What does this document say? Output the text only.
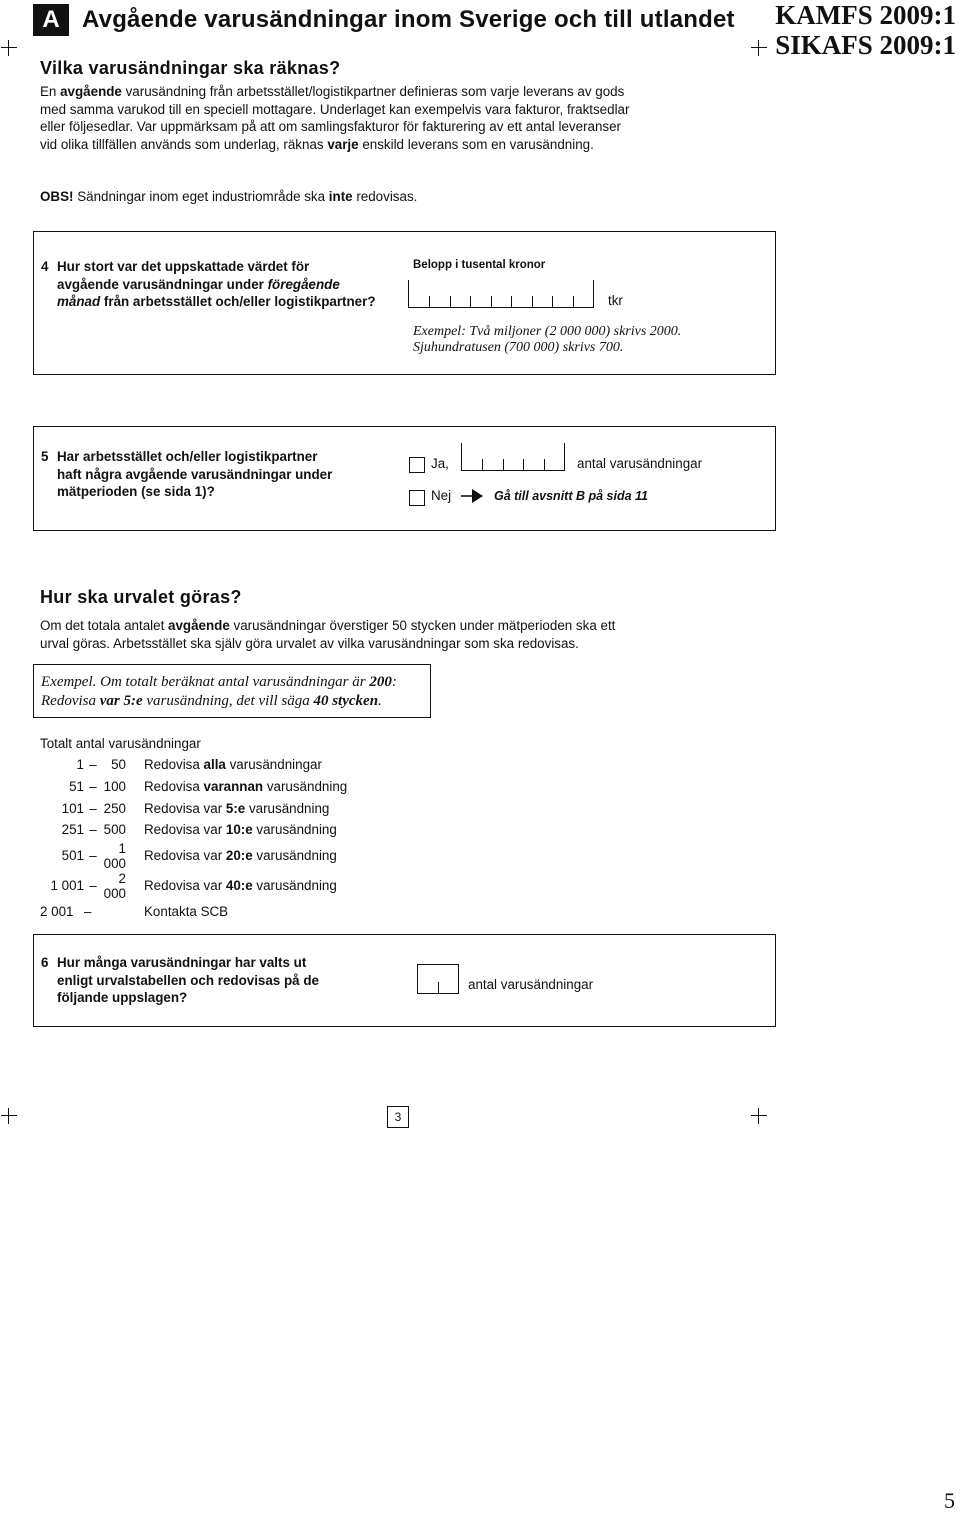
A Avgående varusändningar inom Sverige och till utlandet KAMFS 2009:1
SIKAFS 2009:1
Vilka varusändningar ska räknas?
En avgående varusändning från arbetsstället/logistikpartner definieras som varje leverans av gods med samma varukod till en speciell mottagare. Underlaget kan exempelvis vara fakturor, fraktsedlar eller följesedlar. Var uppmärksam på att om samlingsfakturor för fakturering av ett antal leveranser vid olika tillfällen används som underlag, räknas varje enskild leverans som en varusändning.
OBS! Sändningar inom eget industriområde ska inte redovisas.
4 Hur stort var det uppskattade värdet för
avgående varusändningar under föregående
månad från arbetsstället och/eller logistikpartner?
Belopp i tusental kronor
tkr
Exempel: Två miljoner (2 000 000) skrivs 2000.
Sjuhundratusen (700 000) skrivs 700.
5 Har arbetsstället och/eller logistikpartner
haft några avgående varusändningar under
mätperioden (se sida 1)?
Ja,	antal varusändningar
Nej	Gå till avsnitt B på sida 11
Hur ska urvalet göras?
Om det totala antalet avgående varusändningar överstiger 50 stycken under mätperioden ska ett urval göras. Arbetsstället ska själv göra urvalet av vilka varusändningar som ska redovisas.
Exempel. Om totalt beräknat antal varusändningar är 200:
Redovisa var 5:e varusändning, det vill säga 40 stycken.
Totalt antal varusändningar
1	–	50	Redovisa alla varusändningar
51	–	100	Redovisa varannan varusändning
101	–	250	Redovisa var 5:e varusändning
251	–	500	Redovisa var 10:e varusändning
501	–	1 000	Redovisa var 20:e varusändning
1 001	–	2 000	Redovisa var 40:e varusändning
2 001	–		Kontakta SCB
6 Hur många varusändningar har valts ut
enligt urvalstabellen och redovisas på de
följande uppslagen?
antal varusändningar
3
5
